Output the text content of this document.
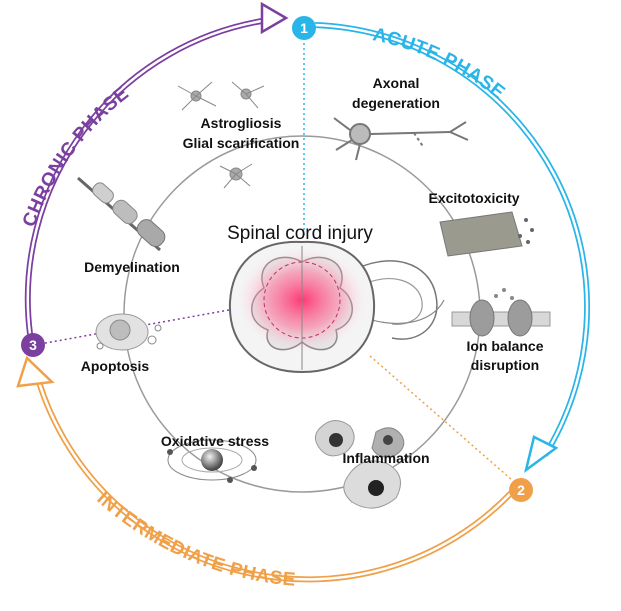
ACUTE PHASE
CHRONIC PHASE
INTERMEDIATE PHASE
1
2
3
Spinal cord injury
Axonal
degeneration
Excitotoxicity
Ion balance
disruption
Inflammation
Oxidative stress
Apoptosis
Demyelination
Astrogliosis
Glial scarification
